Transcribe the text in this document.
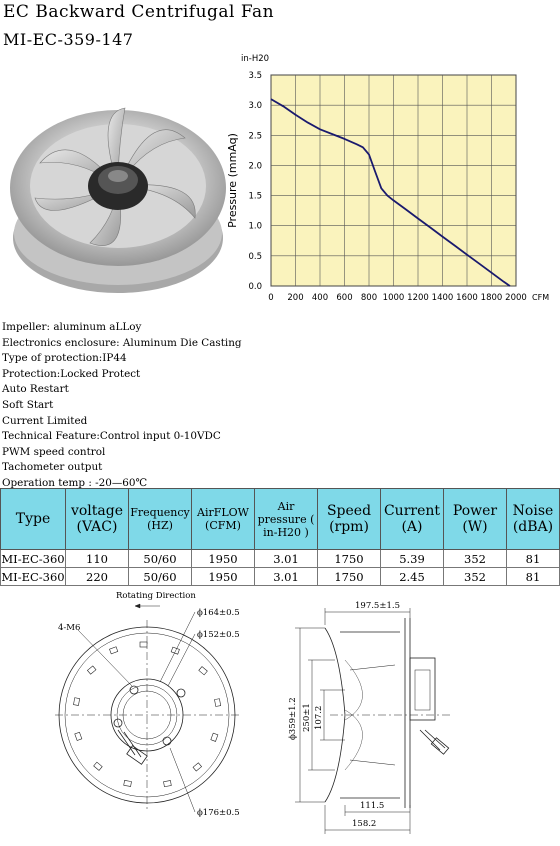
EC Backward Centrifugal Fan
MI-EC-359-147
0 200 400 600 800 1000 1200 1400 1600 1800 2000
0.0
0.5
1.0
1.5
2.0
2.5
3.0
3.5
CFM
in-H20
Pressure (mmAq)
Impeller: aluminum aLLoy
Electronics enclosure: Aluminum Die Casting
Type of protection:IP44
Protection:Locked Protect
Auto Restart
Soft Start
Current Limited
Technical Feature:Control input 0-10VDC
PWM speed control
Tachometer output
Operation temp : -20—60℃
Type	voltage (VAC)	Frequency (HZ)	AirFLOW (CFM)	Air pressure ( in-H20 )	Speed (rpm)	Current (A)	Power (W)	Noise (dBA)
MI-EC-360	110	50/60	1950	3.01	1750	5.39	352	81
MI-EC-360	220	50/60	1950	3.01	1750	2.45	352	81
Rotating Direction
4-M6
ϕ164±0.5
ϕ152±0.5
ϕ176±0.5
197.5±1.5
ϕ359±1.2 250±1 107.2
111.5
158.2
